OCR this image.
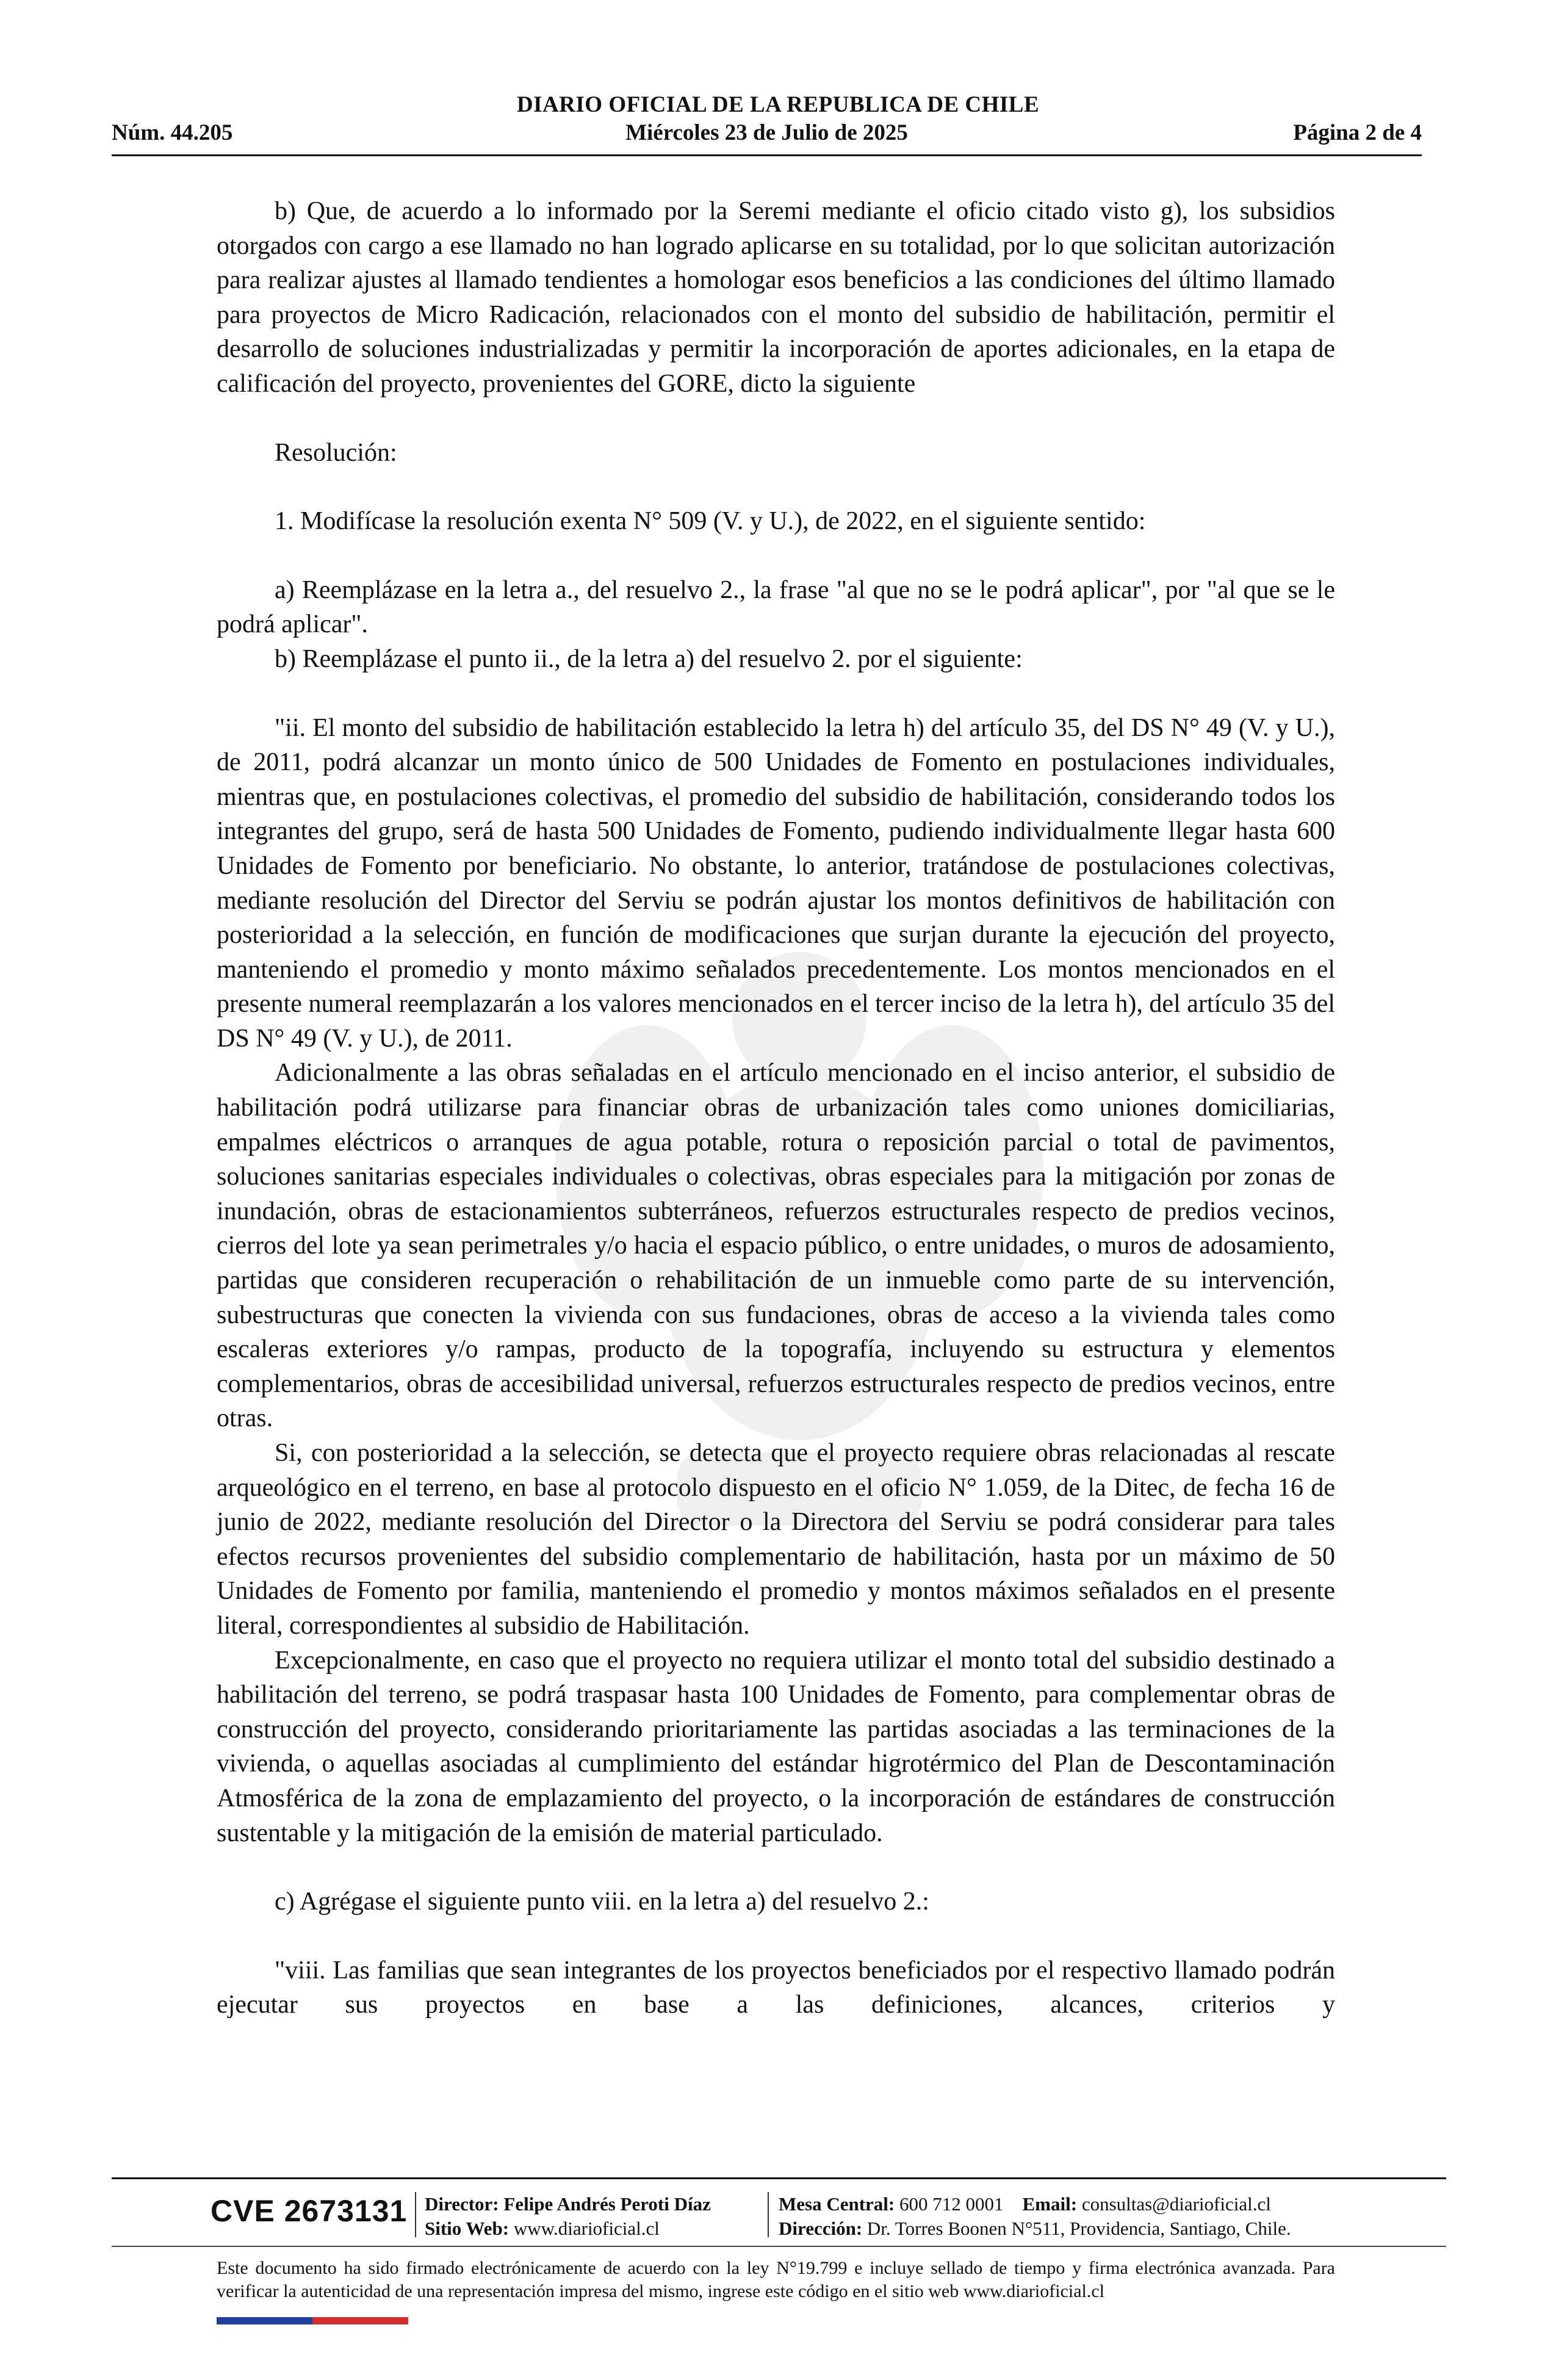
DIARIO OFICIAL DE LA REPUBLICA DE CHILE
Núm. 44.205	Miércoles 23 de Julio de 2025	Página 2 de 4

b) Que, de acuerdo a lo informado por la Seremi mediante el oficio citado visto g), los subsidios otorgados con cargo a ese llamado no han logrado aplicarse en su totalidad, por lo que solicitan autorización para realizar ajustes al llamado tendientes a homologar esos beneficios a las condiciones del último llamado para proyectos de Micro Radicación, relacionados con el monto del subsidio de habilitación, permitir el desarrollo de soluciones industrializadas y permitir la incorporación de aportes adicionales, en la etapa de calificación del proyecto, provenientes del GORE, dicto la siguiente

Resolución:

1. Modifícase la resolución exenta N° 509 (V. y U.), de 2022, en el siguiente sentido:

a) Reemplázase en la letra a., del resuelvo 2., la frase "al que no se le podrá aplicar", por "al que se le podrá aplicar".

b) Reemplázase el punto ii., de la letra a) del resuelvo 2. por el siguiente:

"ii. El monto del subsidio de habilitación establecido la letra h) del artículo 35, del DS N° 49 (V. y U.), de 2011, podrá alcanzar un monto único de 500 Unidades de Fomento en postulaciones individuales, mientras que, en postulaciones colectivas, el promedio del subsidio de habilitación, considerando todos los integrantes del grupo, será de hasta 500 Unidades de Fomento, pudiendo individualmente llegar hasta 600 Unidades de Fomento por beneficiario. No obstante, lo anterior, tratándose de postulaciones colectivas, mediante resolución del Director del Serviu se podrán ajustar los montos definitivos de habilitación con posterioridad a la selección, en función de modificaciones que surjan durante la ejecución del proyecto, manteniendo el promedio y monto máximo señalados precedentemente. Los montos mencionados en el presente numeral reemplazarán a los valores mencionados en el tercer inciso de la letra h), del artículo 35 del DS N° 49 (V. y U.), de 2011.

Adicionalmente a las obras señaladas en el artículo mencionado en el inciso anterior, el subsidio de habilitación podrá utilizarse para financiar obras de urbanización tales como uniones domiciliarias, empalmes eléctricos o arranques de agua potable, rotura o reposición parcial o total de pavimentos, soluciones sanitarias especiales individuales o colectivas, obras especiales para la mitigación por zonas de inundación, obras de estacionamientos subterráneos, refuerzos estructurales respecto de predios vecinos, cierros del lote ya sean perimetrales y/o hacia el espacio público, o entre unidades, o muros de adosamiento, partidas que consideren recuperación o rehabilitación de un inmueble como parte de su intervención, subestructuras que conecten la vivienda con sus fundaciones, obras de acceso a la vivienda tales como escaleras exteriores y/o rampas, producto de la topografía, incluyendo su estructura y elementos complementarios, obras de accesibilidad universal, refuerzos estructurales respecto de predios vecinos, entre otras.

Si, con posterioridad a la selección, se detecta que el proyecto requiere obras relacionadas al rescate arqueológico en el terreno, en base al protocolo dispuesto en el oficio N° 1.059, de la Ditec, de fecha 16 de junio de 2022, mediante resolución del Director o la Directora del Serviu se podrá considerar para tales efectos recursos provenientes del subsidio complementario de habilitación, hasta por un máximo de 50 Unidades de Fomento por familia, manteniendo el promedio y montos máximos señalados en el presente literal, correspondientes al subsidio de Habilitación.

Excepcionalmente, en caso que el proyecto no requiera utilizar el monto total del subsidio destinado a habilitación del terreno, se podrá traspasar hasta 100 Unidades de Fomento, para complementar obras de construcción del proyecto, considerando prioritariamente las partidas asociadas a las terminaciones de la vivienda, o aquellas asociadas al cumplimiento del estándar higrotérmico del Plan de Descontaminación Atmosférica de la zona de emplazamiento del proyecto, o la incorporación de estándares de construcción sustentable y la mitigación de la emisión de material particulado.

c) Agrégase el siguiente punto viii. en la letra a) del resuelvo 2.:

"viii. Las familias que sean integrantes de los proyectos beneficiados por el respectivo llamado podrán ejecutar sus proyectos en base a las definiciones, alcances, criterios y

CVE 2673131 Director: Felipe Andrés Peroti Díaz
Sitio Web: www.diarioficial.cl
Mesa Central: 600 712 0001 Email: consultas@diarioficial.cl
Dirección: Dr. Torres Boonen N°511, Providencia, Santiago, Chile.
Este documento ha sido firmado electrónicamente de acuerdo con la ley N°19.799 e incluye sellado de tiempo y firma electrónica avanzada. Para verificar la autenticidad de una representación impresa del mismo, ingrese este código en el sitio web www.diarioficial.cl
